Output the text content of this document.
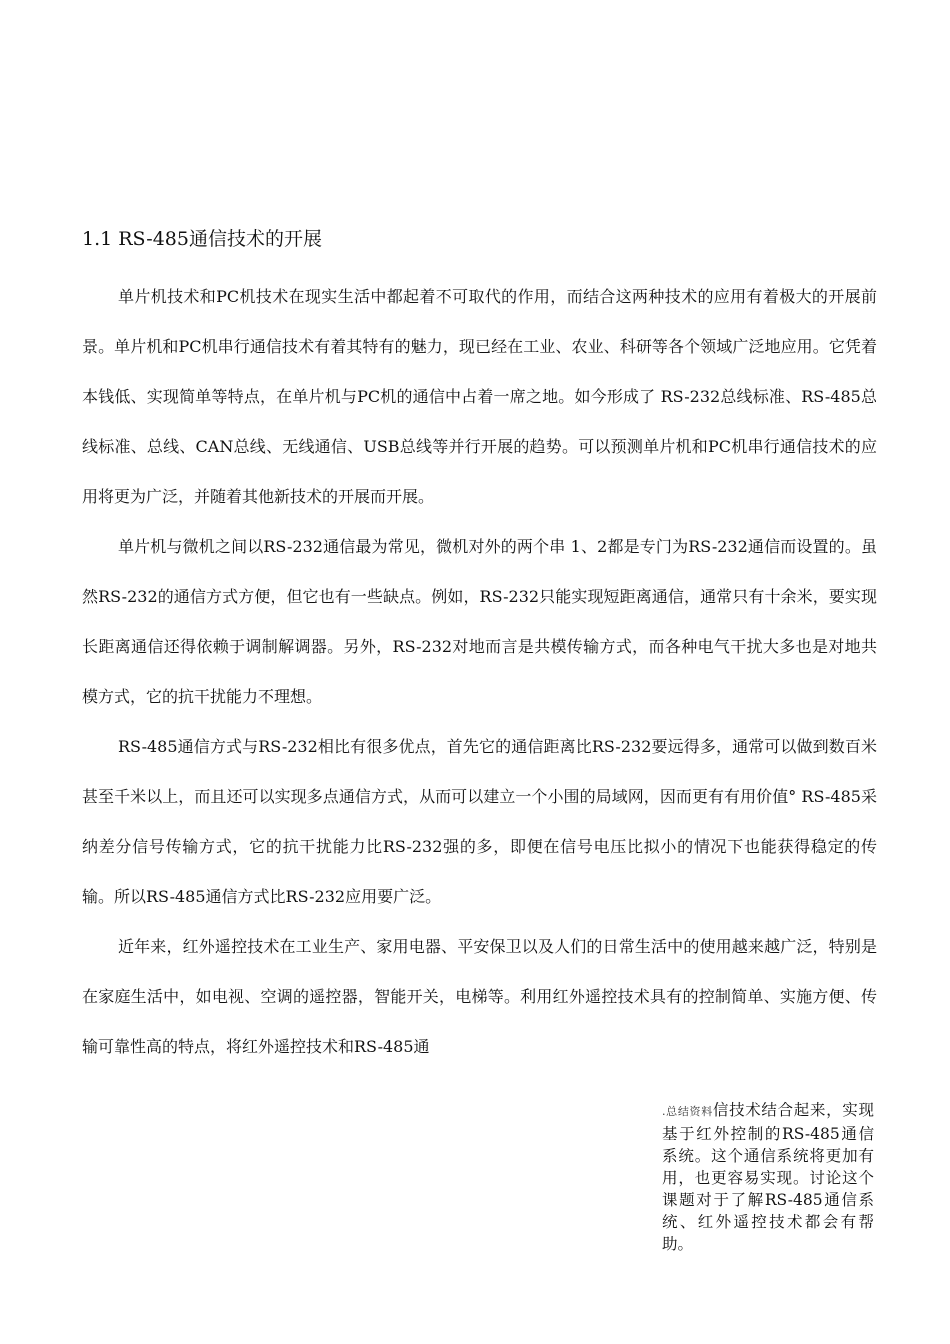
1.1 RS-485通信技术的开展

单片机技术和PC机技术在现实生活中都起着不可取代的作用，而结合这两种技术的应用有着极大的开展前景。单片机和PC机串行通信技术有着其特有的魅力，现已经在工业、农业、科研等各个领域广泛地应用。它凭着本钱低、实现简单等特点，在单片机与PC机的通信中占着一席之地。如今形成了 RS-232总线标准、RS-485总线标准、总线、CAN总线、无线通信、USB总线等并行开展的趋势。可以预测单片机和PC机串行通信技术的应用将更为广泛，并随着其他新技术的开展而开展。

单片机与微机之间以RS-232通信最为常见，微机对外的两个串 1、2都是专门为RS-232通信而设置的。虽然RS-232的通信方式方便，但它也有一些缺点。例如，RS-232只能实现短距离通信，通常只有十余米，要实现长距离通信还得依赖于调制解调器。另外，RS-232对地而言是共模传输方式，而各种电气干扰大多也是对地共模方式，它的抗干扰能力不理想。

RS-485通信方式与RS-232相比有很多优点，首先它的通信距离比RS-232要远得多，通常可以做到数百米甚至千米以上，而且还可以实现多点通信方式，从而可以建立一个小围的局域网，因而更有有用价值° RS-485采纳差分信号传输方式，它的抗干扰能力比RS-232强的多，即便在信号电压比拟小的情况下也能获得稳定的传输。所以RS-485通信方式比RS-232应用要广泛。

近年来，红外遥控技术在工业生产、家用电器、平安保卫以及人们的日常生活中的使用越来越广泛，特别是在家庭生活中，如电视、空调的遥控器，智能开关，电梯等。利用红外遥控技术具有的控制简单、实施方便、传输可靠性高的特点，将红外遥控技术和RS-485通

.总结资料信技术结合起来，实现基于红外控制的RS-485通信系统。这个通信系统将更加有用，也更容易实现。讨论这个课题对于了解RS-485通信系统、红外遥控技术都会有帮助。
